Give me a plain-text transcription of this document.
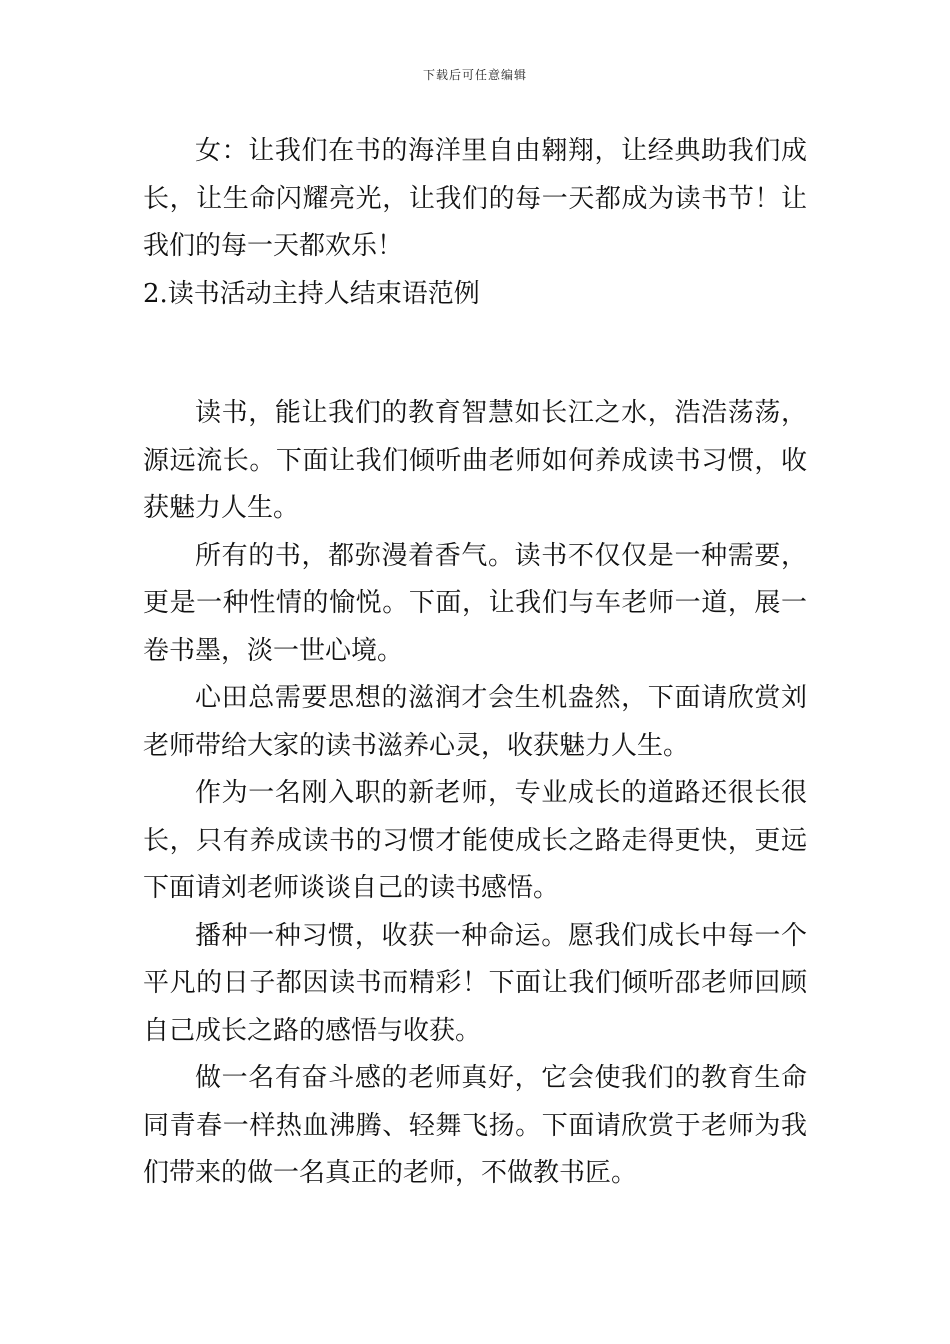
下载后可任意编辑

女：让我们在书的海洋里自由翱翔，让经典助我们成长，让生命闪耀亮光，让我们的每一天都成为读书节！让我们的每一天都欢乐！

2.读书活动主持人结束语范例

读书，能让我们的教育智慧如长江之水，浩浩荡荡，源远流长。下面让我们倾听曲老师如何养成读书习惯，收获魅力人生。

所有的书，都弥漫着香气。读书不仅仅是一种需要，更是一种性情的愉悦。下面，让我们与车老师一道，展一卷书墨，淡一世心境。

心田总需要思想的滋润才会生机盎然，下面请欣赏刘老师带给大家的读书滋养心灵，收获魅力人生。

作为一名刚入职的新老师，专业成长的道路还很长很长，只有养成读书的习惯才能使成长之路走得更快，更远下面请刘老师谈谈自己的读书感悟。

播种一种习惯，收获一种命运。愿我们成长中每一个平凡的日子都因读书而精彩！下面让我们倾听邵老师回顾自己成长之路的感悟与收获。

做一名有奋斗感的老师真好，它会使我们的教育生命同青春一样热血沸腾、轻舞飞扬。下面请欣赏于老师为我们带来的做一名真正的老师，不做教书匠。
